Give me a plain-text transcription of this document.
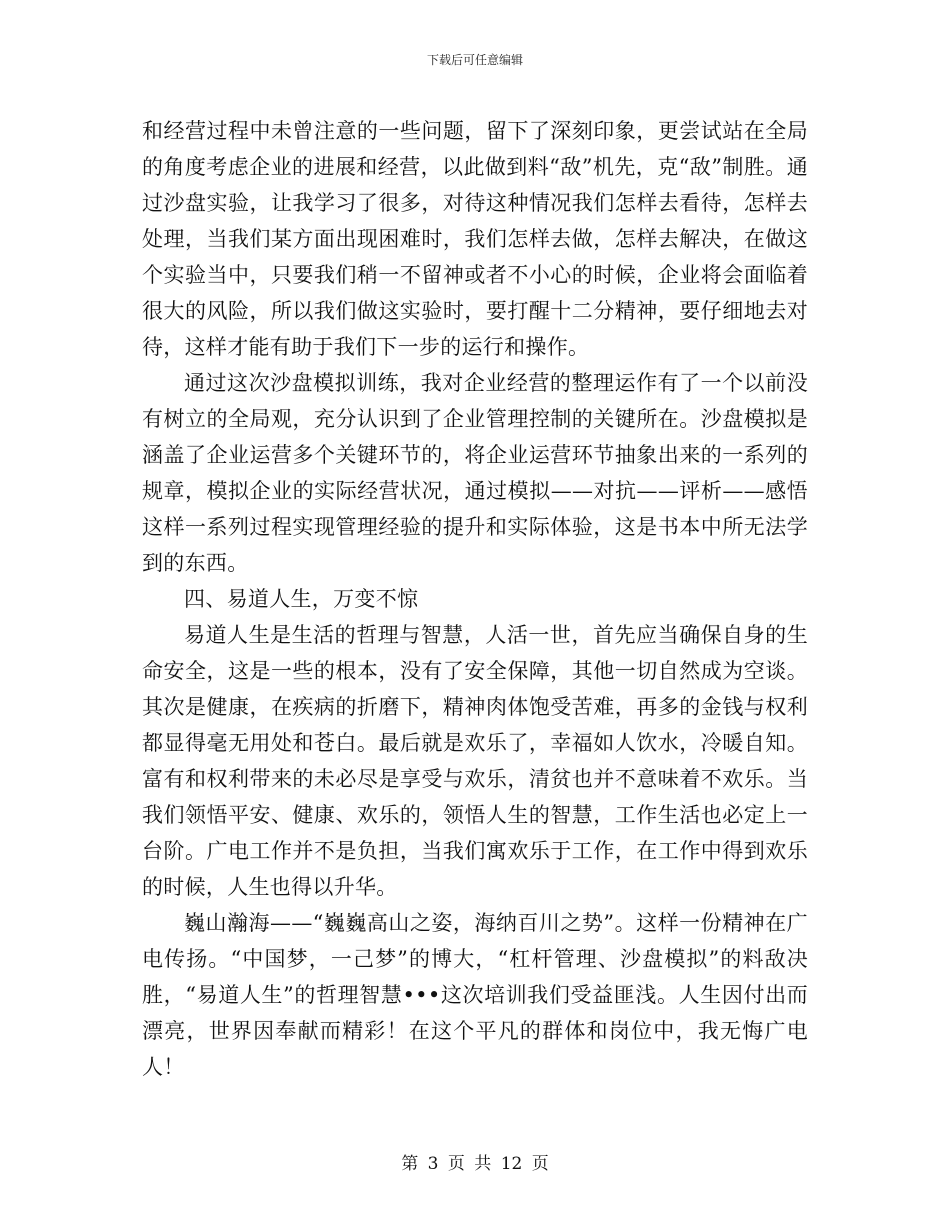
下载后可任意编辑

和经营过程中未曾注意的一些问题，留下了深刻印象，更尝试站在全局的角度考虑企业的进展和经营，以此做到料“敌”机先，克“敌”制胜。通过沙盘实验，让我学习了很多，对待这种情况我们怎样去看待，怎样去处理，当我们某方面出现困难时，我们怎样去做，怎样去解决，在做这个实验当中，只要我们稍一不留神或者不小心的时候，企业将会面临着很大的风险，所以我们做这实验时，要打醒十二分精神，要仔细地去对待，这样才能有助于我们下一步的运行和操作。

通过这次沙盘模拟训练，我对企业经营的整理运作有了一个以前没有树立的全局观，充分认识到了企业管理控制的关键所在。沙盘模拟是涵盖了企业运营多个关键环节的，将企业运营环节抽象出来的一系列的规章，模拟企业的实际经营状况，通过模拟——对抗——评析——感悟这样一系列过程实现管理经验的提升和实际体验，这是书本中所无法学到的东西。

四、易道人生，万变不惊

易道人生是生活的哲理与智慧，人活一世，首先应当确保自身的生命安全，这是一些的根本，没有了安全保障，其他一切自然成为空谈。其次是健康，在疾病的折磨下，精神肉体饱受苦难，再多的金钱与权利都显得毫无用处和苍白。最后就是欢乐了，幸福如人饮水，冷暖自知。富有和权利带来的未必尽是享受与欢乐，清贫也并不意味着不欢乐。当我们领悟平安、健康、欢乐的，领悟人生的智慧，工作生活也必定上一台阶。广电工作并不是负担，当我们寓欢乐于工作，在工作中得到欢乐的时候，人生也得以升华。

巍山瀚海——“巍巍高山之姿，海纳百川之势”。这样一份精神在广电传扬。“中国梦，一己梦”的博大，“杠杆管理、沙盘模拟”的料敌决胜，“易道人生”的哲理智慧•••这次培训我们受益匪浅。人生因付出而漂亮，世界因奉献而精彩！在这个平凡的群体和岗位中，我无悔广电人！

第 3 页 共 12 页
